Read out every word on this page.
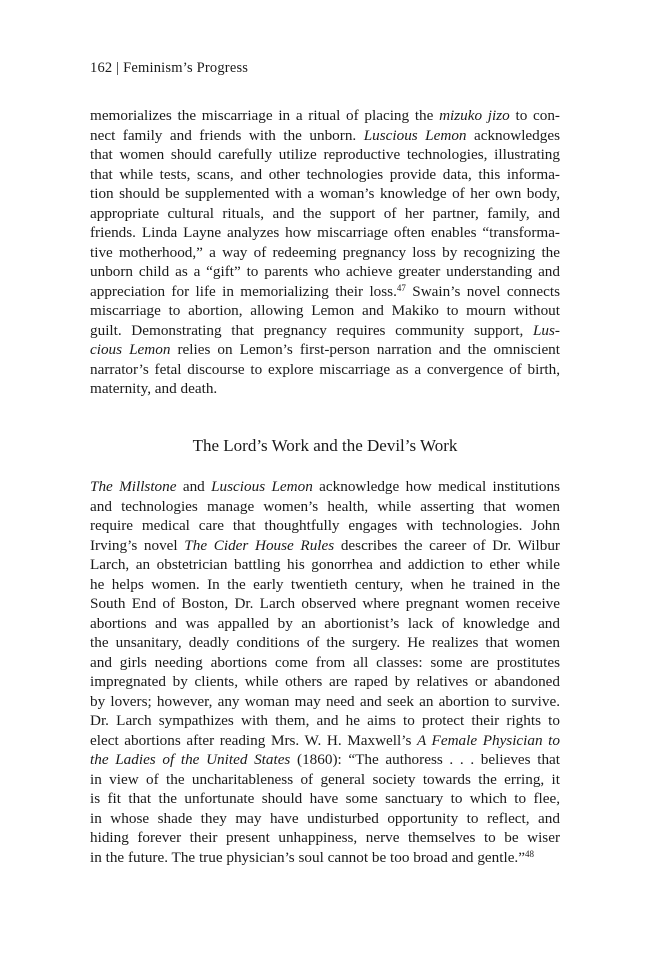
162 | Feminism’s Progress
memorializes the miscarriage in a ritual of placing the mizuko jizo to con-
nect family and friends with the unborn. Luscious Lemon acknowledges
that women should carefully utilize reproductive technologies, illustrating
that while tests, scans, and other technologies provide data, this informa-
tion should be supplemented with a woman’s knowledge of her own body,
appropriate cultural rituals, and the support of her partner, family, and
friends. Linda Layne analyzes how miscarriage often enables “transforma-
tive motherhood,” a way of redeeming pregnancy loss by recognizing the
unborn child as a “gift” to parents who achieve greater understanding and
appreciation for life in memorializing their loss.$^{47}$ Swain’s novel connects
miscarriage to abortion, allowing Lemon and Makiko to mourn without
guilt. Demonstrating that pregnancy requires community support, Lus-
cious Lemon relies on Lemon’s first-person narration and the omniscient
narrator’s fetal discourse to explore miscarriage as a convergence of birth,
maternity, and death.
The Lord’s Work and the Devil’s Work
The Millstone and Luscious Lemon acknowledge how medical institutions
and technologies manage women’s health, while asserting that women
require medical care that thoughtfully engages with technologies. John
Irving’s novel The Cider House Rules describes the career of Dr. Wilbur
Larch, an obstetrician battling his gonorrhea and addiction to ether while
he helps women. In the early twentieth century, when he trained in the
South End of Boston, Dr. Larch observed where pregnant women receive
abortions and was appalled by an abortionist’s lack of knowledge and
the unsanitary, deadly conditions of the surgery. He realizes that women
and girls needing abortions come from all classes: some are prostitutes
impregnated by clients, while others are raped by relatives or abandoned
by lovers; however, any woman may need and seek an abortion to survive.
Dr. Larch sympathizes with them, and he aims to protect their rights to
elect abortions after reading Mrs. W. H. Maxwell’s A Female Physician to
the Ladies of the United States (1860): “The authoress . . . believes that
in view of the uncharitableness of general society towards the erring, it
is fit that the unfortunate should have some sanctuary to which to flee,
in whose shade they may have undisturbed opportunity to reflect, and
hiding forever their present unhappiness, nerve themselves to be wiser
in the future. The true physician’s soul cannot be too broad and gentle.”$^{48}$
